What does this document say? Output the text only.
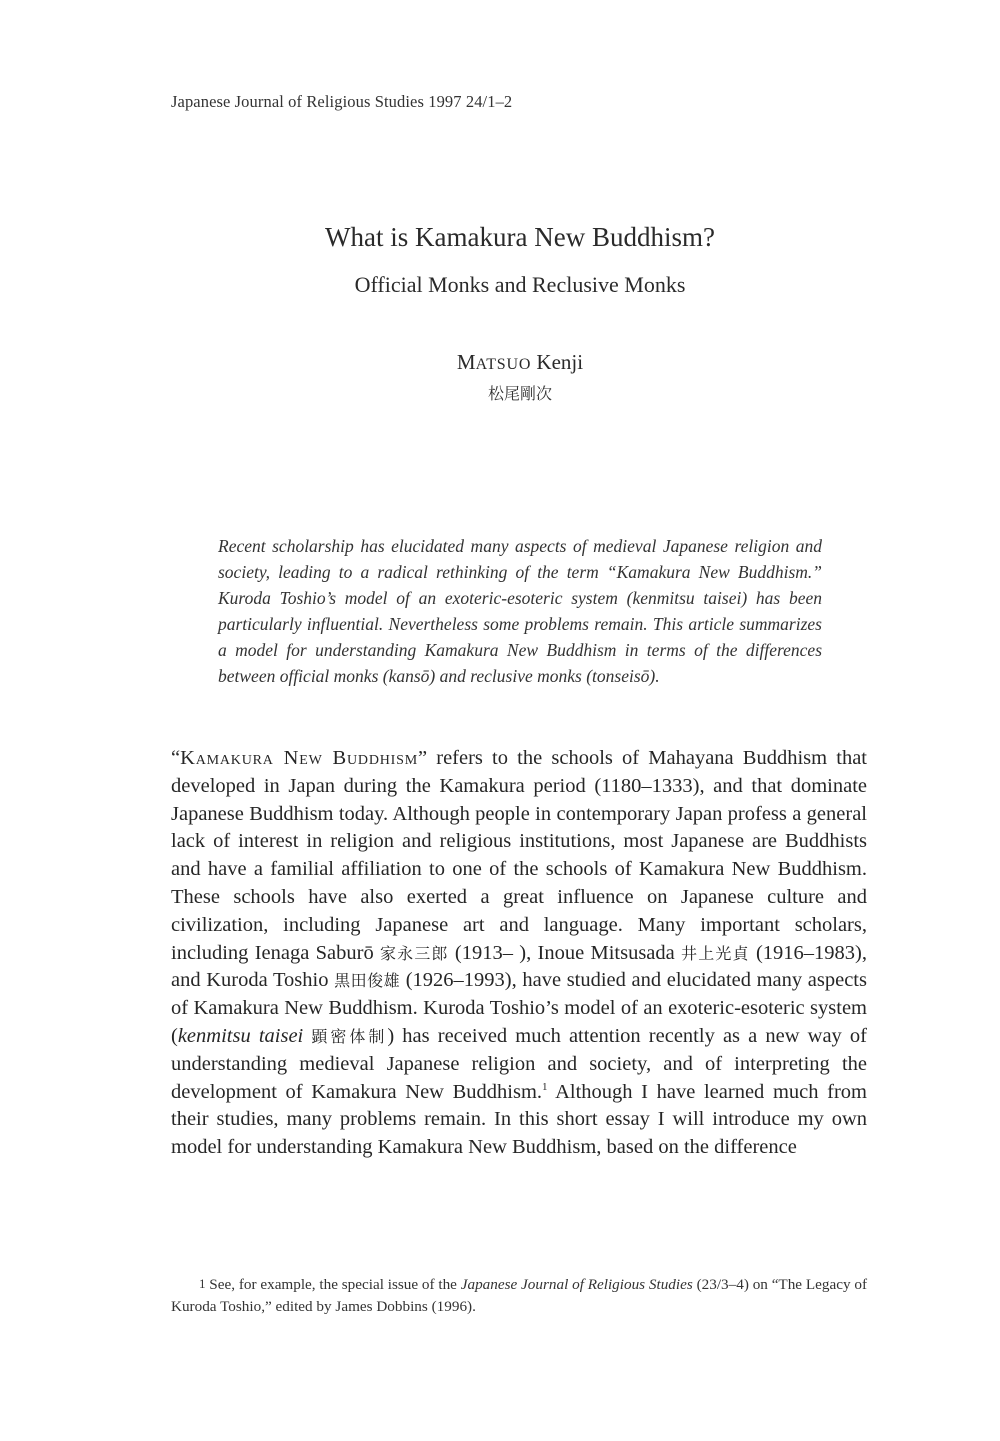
Japanese Journal of Religious Studies 1997 24/1–2
What is Kamakura New Buddhism?
Official Monks and Reclusive Monks
MATSUO Kenji
松尾剛次

Recent scholarship has elucidated many aspects of medieval Japanese religion and society, leading to a radical rethinking of the term “Kamakura New Buddhism.” Kuroda Toshio’s model of an exoteric-esoteric system (kenmitsu taisei) has been particularly influential. Nevertheless some problems remain. This article summarizes a model for understanding Kamakura New Buddhism in terms of the differences between official monks (kansō) and reclusive monks (tonseisō).

“Kamakura New Buddhism” refers to the schools of Mahayana Buddhism that developed in Japan during the Kamakura period (1180–1333), and that dominate Japanese Buddhism today. Although people in contemporary Japan profess a general lack of interest in religion and religious institutions, most Japanese are Buddhists and have a familial affiliation to one of the schools of Kamakura New Buddhism. These schools have also exerted a great influence on Japanese culture and civilization, including Japanese art and language. Many important scholars, including Ienaga Saburō 家永三郎 (1913– ), Inoue Mitsusada 井上光貞 (1916–1983), and Kuroda Toshio 黒田俊雄 (1926–1993), have studied and elucidated many aspects of Kamakura New Buddhism. Kuroda Toshio’s model of an exoteric-esoteric system (kenmitsu taisei 顕密体制) has received much attention recently as a new way of understanding medieval Japanese religion and society, and of interpreting the development of Kamakura New Buddhism.$^1$ Although I have learned much from their studies, many problems remain. In this short essay I will introduce my own model for understanding Kamakura New Buddhism, based on the difference

$^1$ See, for example, the special issue of the Japanese Journal of Religious Studies (23/3–4) on “The Legacy of Kuroda Toshio,” edited by James Dobbins (1996).
